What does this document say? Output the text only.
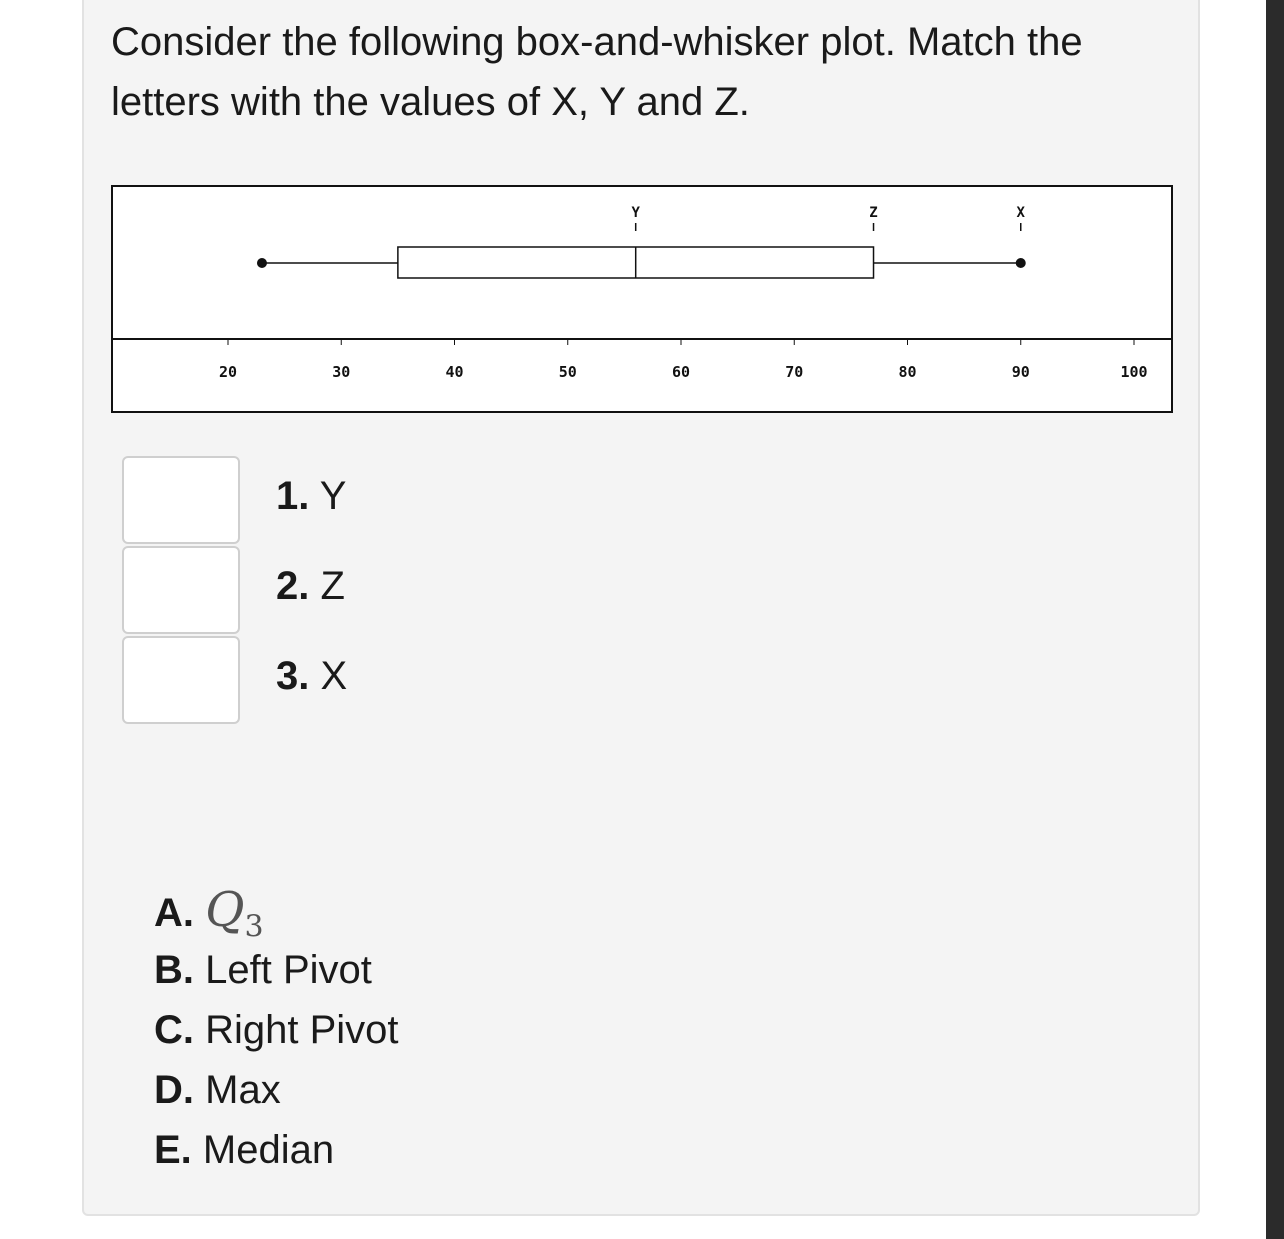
Consider the following box-and-whisker plot. Match the letters with the values of X, Y and Z.

20	30	40	50	60	70	80	90	100
Y	Z	X
1. Y
2. Z
3. X
A. $Q_3$
B. Left Pivot
C. Right Pivot
D. Max
E. Median
